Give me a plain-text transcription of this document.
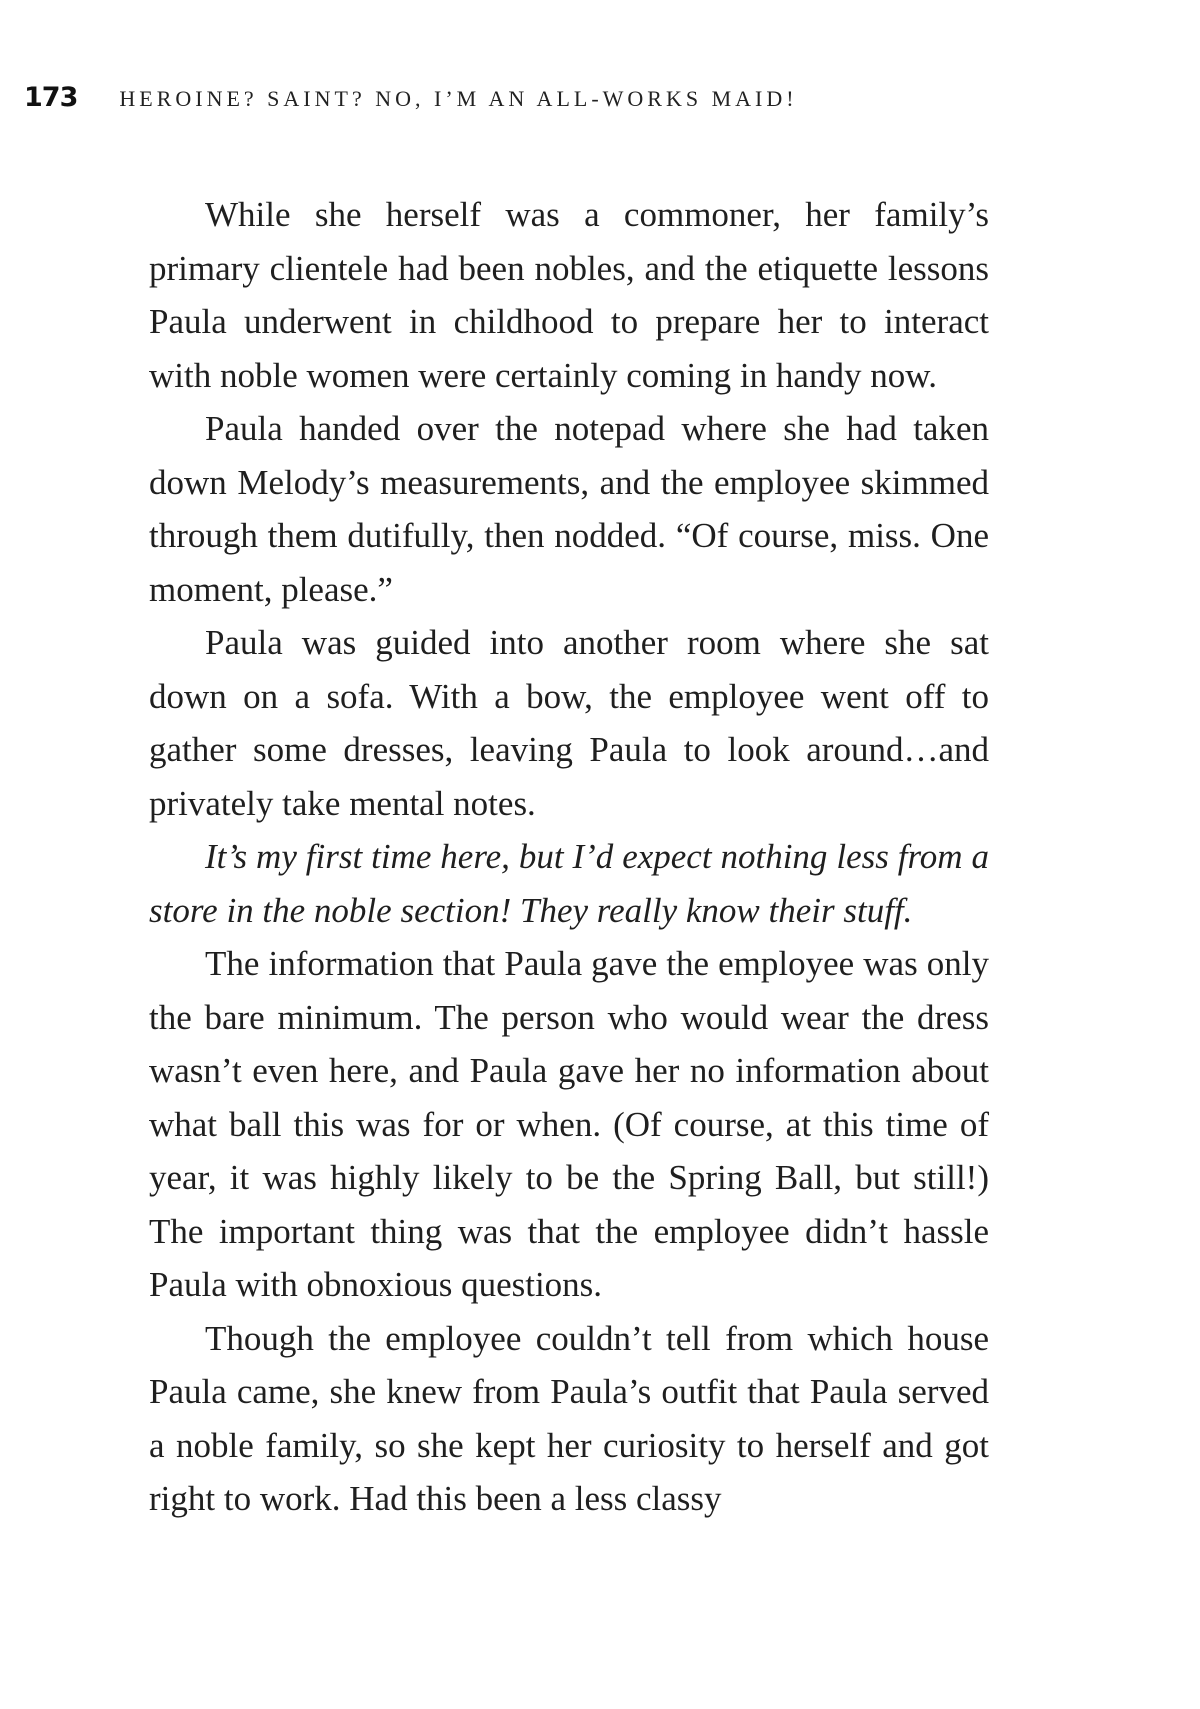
173 HEROINE? SAINT? NO, I’M AN ALL-WORKS MAID!

While she herself was a commoner, her family’s primary clientele had been nobles, and the etiquette lessons Paula underwent in childhood to prepare her to interact with noble women were certainly coming in handy now.

Paula handed over the notepad where she had taken down Melody’s measurements, and the employee skimmed through them dutifully, then nodded. “Of course, miss. One moment, please.”

Paula was guided into another room where she sat down on a sofa. With a bow, the employee went off to gather some dresses, leaving Paula to look around…and privately take mental notes.

It’s my first time here, but I’d expect nothing less from a store in the noble section! They really know their stuff.

The information that Paula gave the employee was only the bare minimum. The person who would wear the dress wasn’t even here, and Paula gave her no information about what ball this was for or when. (Of course, at this time of year, it was highly likely to be the Spring Ball, but still!) The important thing was that the employee didn’t hassle Paula with obnoxious questions.

Though the employee couldn’t tell from which house Paula came, she knew from Paula’s outfit that Paula served a noble family, so she kept her curiosity to herself and got right to work. Had this been a less classy
